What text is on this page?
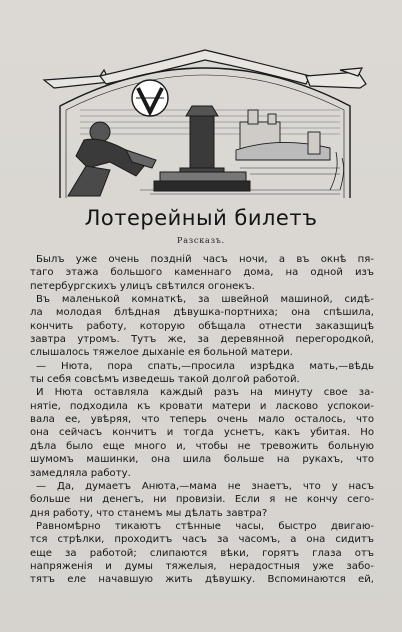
Лотерейный билетъ
Разсказъ.
Былъ уже очень поздній часъ ночи, а въ окнѣ пя-
таго этажа большого каменнаго дома, на одной изъ
петербургскихъ улицъ свѣтился огонекъ.
Въ маленькой комнаткѣ, за швейной машиной, сидѣ-
ла молодая блѣдная дѣвушка-портниха; она спѣшила,
кончить работу, которую обѣщала отнести заказщицѣ
завтра утромъ. Тутъ же, за деревянной перегородкой,
слышалось тяжелое дыханіе ея больной матери.
— Нюта, пора спать,—просила изрѣдка мать,—вѣдь
ты себя совсѣмъ изведешь такой долгой работой.
И Нюта оставляла каждый разъ на минуту свое за-
нятіе, подходила къ кровати матери и ласково успокои-
вала ее, увѣряя, что теперь очень мало осталось, что
она сейчасъ кончитъ и тогда уснетъ, какъ убитая. Но
дѣла было еще много и, чтобы не тревожить больную
шумомъ машинки, она шила больше на рукахъ, что
замедляла работу.
— Да, думаетъ Анюта,—мама не знаетъ, что у насъ
больше ни денегъ, ни провизіи. Если я не кончу сего-
дня работу, что станемъ мы дѣлать завтра?
Равномѣрно тикаютъ стѣнные часы, быстро двигаю-
тся стрѣлки, проходитъ часъ за часомъ, а она сидитъ
еще за работой; слипаются вѣки, горятъ глаза отъ
напряженія и думы тяжелыя, нерадостныя уже забо-
тятъ еле начавшую жить дѣвушку. Вспоминаются ей,
